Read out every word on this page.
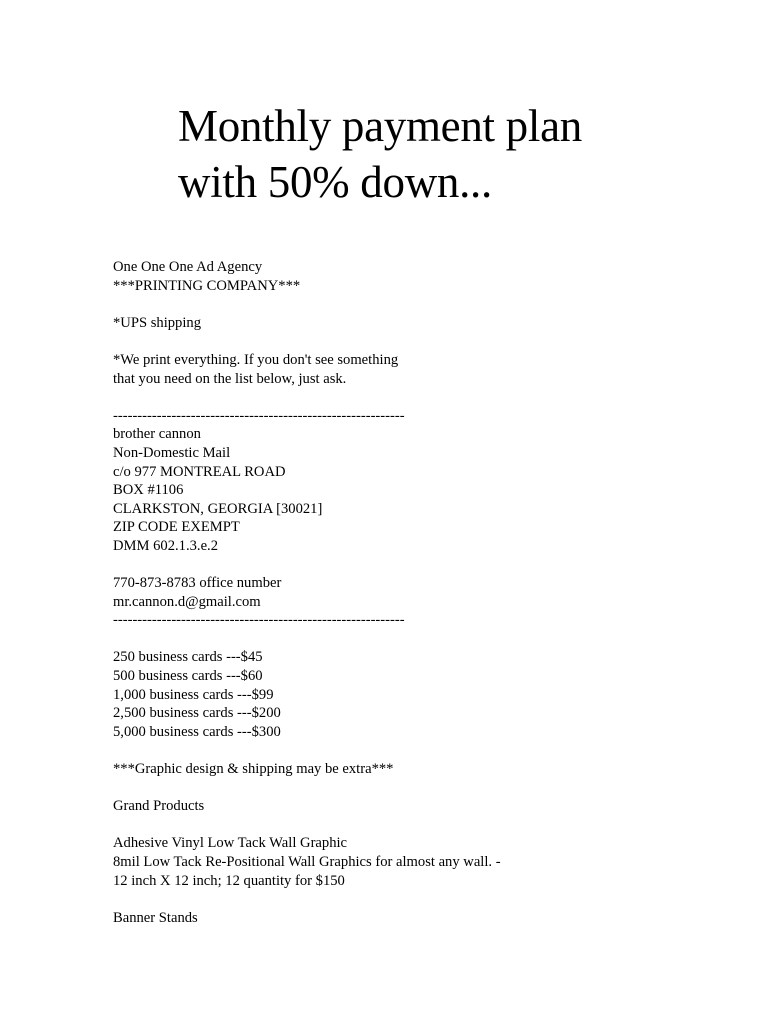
Monthly payment plan
with 50% down...
One One One Ad Agency
***PRINTING COMPANY***
*UPS shipping
*We print everything. If you don't see something
that you need on the list below, just ask.
------------------------------------------------------------
brother cannon
Non-Domestic Mail
c/o 977 MONTREAL ROAD
BOX #1106
CLARKSTON, GEORGIA [30021]
ZIP CODE EXEMPT
DMM 602.1.3.e.2
770-873-8783 office number
mr.cannon.d@gmail.com
------------------------------------------------------------
250 business cards ---$45
500 business cards ---$60
1,000 business cards ---$99
2,500 business cards ---$200
5,000 business cards ---$300
***Graphic design & shipping may be extra***
Grand Products
Adhesive Vinyl Low Tack Wall Graphic
8mil Low Tack Re-Positional Wall Graphics for almost any wall. -
12 inch X 12 inch; 12 quantity for $150
Banner Stands
